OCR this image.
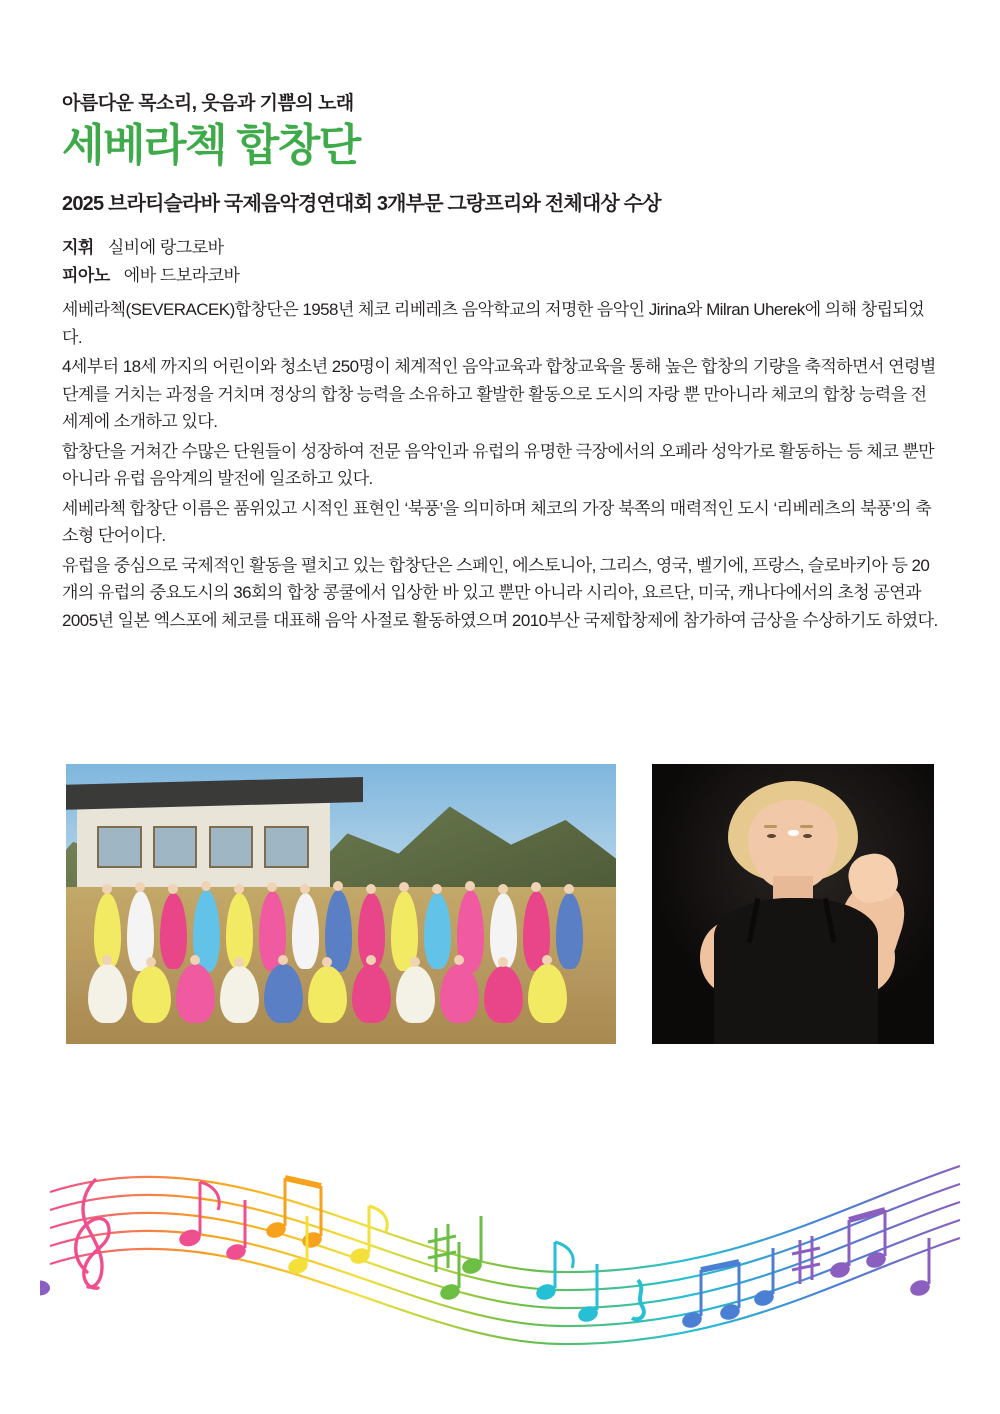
아름다운 목소리, 웃음과 기쁨의 노래

세베라첵 합창단

2025 브라티슬라바 국제음악경연대회 3개부문 그랑프리와 전체대상 수상

지휘 실비에 랑그로바

피아노 에바 드보라코바

세베라첵(SEVERACEK)합창단은 1958년 체코 리베레츠 음악학교의 저명한 음악인 Jirina와 Milran Uherek에 의해 창립되었다.

4세부터 18세 까지의 어린이와 청소년 250명이 체계적인 음악교육과 합창교육을 통해 높은 합창의 기량을 축적하면서 연령별 단계를 거치는 과정을 거치며 정상의 합창 능력을 소유하고 활발한 활동으로 도시의 자랑 뿐 만아니라 체코의 합창 능력을 전세계에 소개하고 있다.

합창단을 거쳐간 수많은 단원들이 성장하여 전문 음악인과 유럽의 유명한 극장에서의 오페라 성악가로 활동하는 등 체코 뿐만 아니라 유럽 음악계의 발전에 일조하고 있다.

세베라첵 합창단 이름은 품위있고 시적인 표현인 ‘북풍’을 의미하며 체코의 가장 북쪽의 매력적인 도시 ‘리베레츠의 북풍’의 축소형 단어이다.

유럽을 중심으로 국제적인 활동을 펼치고 있는 합창단은 스페인, 에스토니아, 그리스, 영국, 벨기에, 프랑스, 슬로바키아 등 20개의 유럽의 중요도시의 36회의 합창 콩쿨에서 입상한 바 있고 뿐만 아니라 시리아, 요르단, 미국, 캐나다에서의 초청 공연과 2005년 일본 엑스포에 체코를 대표해 음악 사절로 활동하였으며 2010부산 국제합창제에 참가하여 금상을 수상하기도 하였다.
